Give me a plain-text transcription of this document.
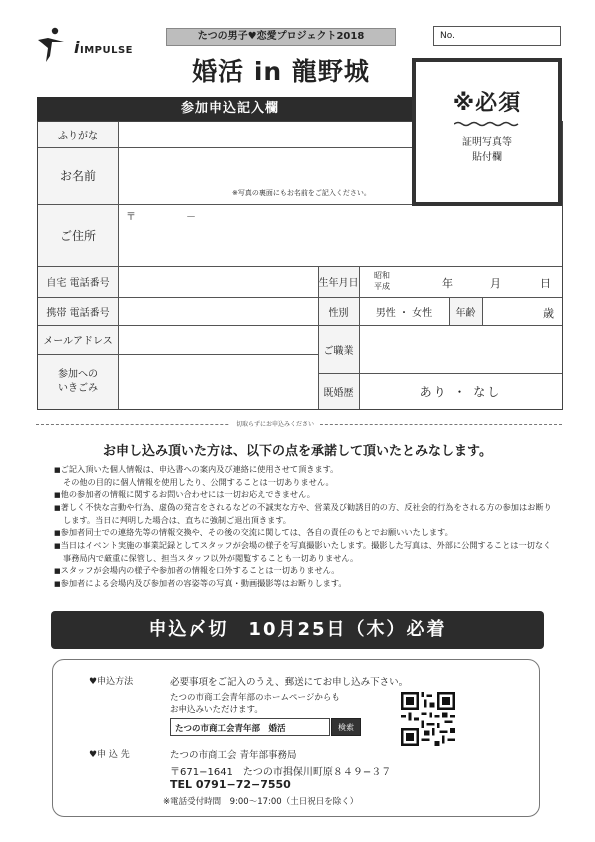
iIMPULSE
たつの男子♥恋愛プロジェクト2018
婚活 in 龍野城
No.
※必須
証明写真等
貼付欄
参加申込記入欄
ふりがな
お名前
※写真の裏面にもお名前をご記入ください。
ご住所
〒	－
自宅 電話番号
携帯 電話番号
メールアドレス
参加への
いきごみ
生年月日
昭和
平成	年	月	日
性別	男性 ・ 女性	年齢	歳
ご職業
既婚歴	あり ・ なし
切取らずにお申込みください
お申し込み頂いた方は、以下の点を承諾して頂いたとみなします。
■ ご記入頂いた個人情報は、申込書への案内及び連絡に使用させて頂きます。
その他の目的に個人情報を使用したり、公開することは一切ありません。
■ 他の参加者の情報に関するお問い合わせには一切お応えできません。
■ 著しく不快な言動や行為、虚偽の発言をされるなどの不誠実な方や、営業及び勧誘目的の方、反社会的行為をされる方の参加はお断りします。当日に判明した場合は、直ちに強制ご退出頂きます。
■ 参加者同士での連絡先等の情報交換や、その後の交流に関しては、各自の責任のもとでお願いいたします。
■ 当日はイベント実施の事業記録としてスタッフが会場の様子を写真撮影いたします。撮影した写真は、外部に公開することは一切なく事務局内で厳重に保管し、担当スタッフ以外が閲覧することも一切ありません。
■ スタッフが会場内の様子や参加者の情報を口外することは一切ありません。
■ 参加者による会場内及び参加者の容姿等の写真・動画撮影等はお断りします。
申込〆切　10月25日（木）必着
♥申込方法	必要事項をご記入のうえ、郵送にてお申し込み下さい。
たつの市商工会青年部のホームページからも
お申込みいただけます。
たつの市商工会青年部　婚活	検索
♥申 込 先	たつの市商工会 青年部事務局
〒671−1641　たつの市揖保川町原８４９−３７
TEL 0791−72−7550
※電話受付時間　9:00〜17:00（土日祝日を除く）
